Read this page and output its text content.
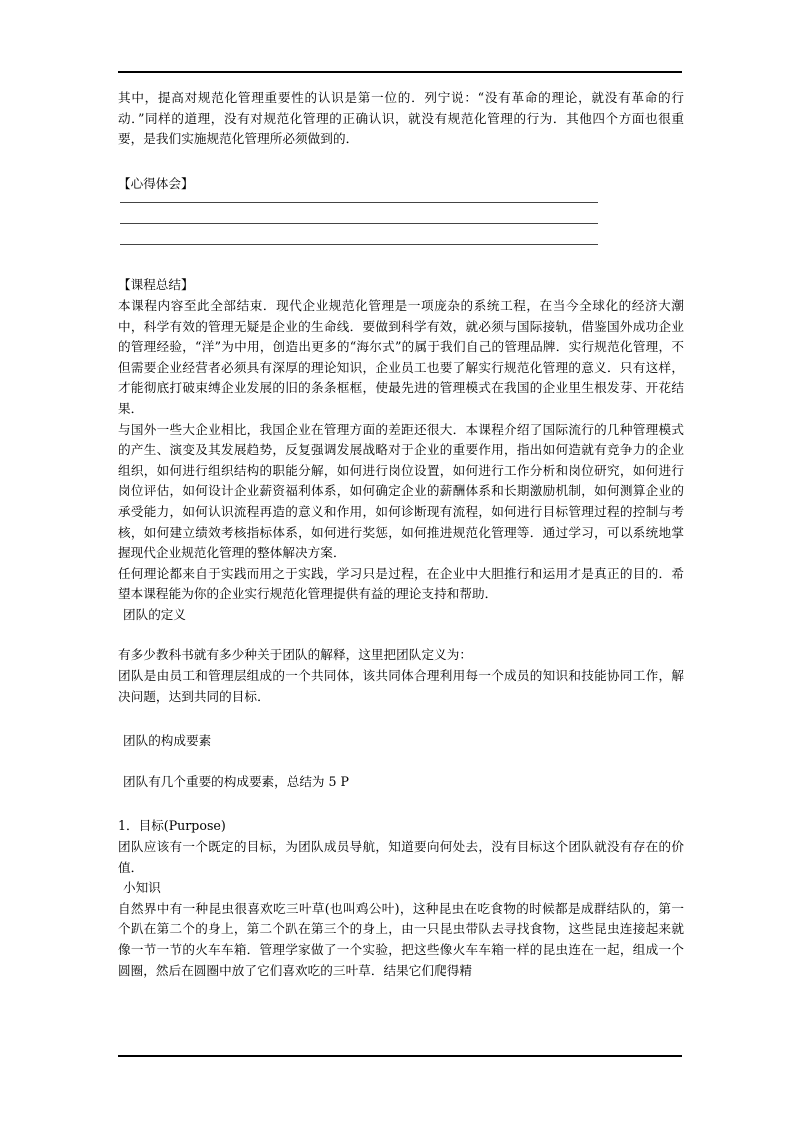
其中，提高对规范化管理重要性的认识是第一位的．列宁说：“没有革命的理论，就没有革命的行动．”同样的道理，没有对规范化管理的正确认识，就没有规范化管理的行为．其他四个方面也很重要，是我们实施规范化管理所必须做到的．

【心得体会】

【课程总结】

本课程内容至此全部结束．现代企业规范化管理是一项庞杂的系统工程，在当今全球化的经济大潮中，科学有效的管理无疑是企业的生命线．要做到科学有效，就必须与国际接轨，借鉴国外成功企业的管理经验，“洋”为中用，创造出更多的“海尔式”的属于我们自己的管理品牌．实行规范化管理，不但需要企业经营者必须具有深厚的理论知识，企业员工也要了解实行规范化管理的意义．只有这样，才能彻底打破束缚企业发展的旧的条条框框，使最先进的管理模式在我国的企业里生根发芽、开花结果．

与国外一些大企业相比，我国企业在管理方面的差距还很大．本课程介绍了国际流行的几种管理模式的产生、演变及其发展趋势，反复强调发展战略对于企业的重要作用，指出如何造就有竞争力的企业组织，如何进行组织结构的职能分解，如何进行岗位设置，如何进行工作分析和岗位研究，如何进行岗位评估，如何设计企业薪资福利体系，如何确定企业的薪酬体系和长期激励机制，如何测算企业的承受能力，如何认识流程再造的意义和作用，如何诊断现有流程，如何进行目标管理过程的控制与考核，如何建立绩效考核指标体系，如何进行奖惩，如何推进规范化管理等．通过学习，可以系统地掌握现代企业规范化管理的整体解决方案．

任何理论都来自于实践而用之于实践，学习只是过程，在企业中大胆推行和运用才是真正的目的．希望本课程能为你的企业实行规范化管理提供有益的理论支持和帮助．

团队的定义

有多少教科书就有多少种关于团队的解释，这里把团队定义为：

团队是由员工和管理层组成的一个共同体，该共同体合理利用每一个成员的知识和技能协同工作，解决问题，达到共同的目标．

团队的构成要素

团队有几个重要的构成要素，总结为 5 P

1．目标(Purpose)

团队应该有一个既定的目标，为团队成员导航，知道要向何处去，没有目标这个团队就没有存在的价值．

小知识

自然界中有一种昆虫很喜欢吃三叶草(也叫鸡公叶)，这种昆虫在吃食物的时候都是成群结队的，第一个趴在第二个的身上，第二个趴在第三个的身上，由一只昆虫带队去寻找食物，这些昆虫连接起来就像一节一节的火车车箱．管理学家做了一个实验，把这些像火车车箱一样的昆虫连在一起，组成一个圆圈，然后在圆圈中放了它们喜欢吃的三叶草．结果它们爬得精
